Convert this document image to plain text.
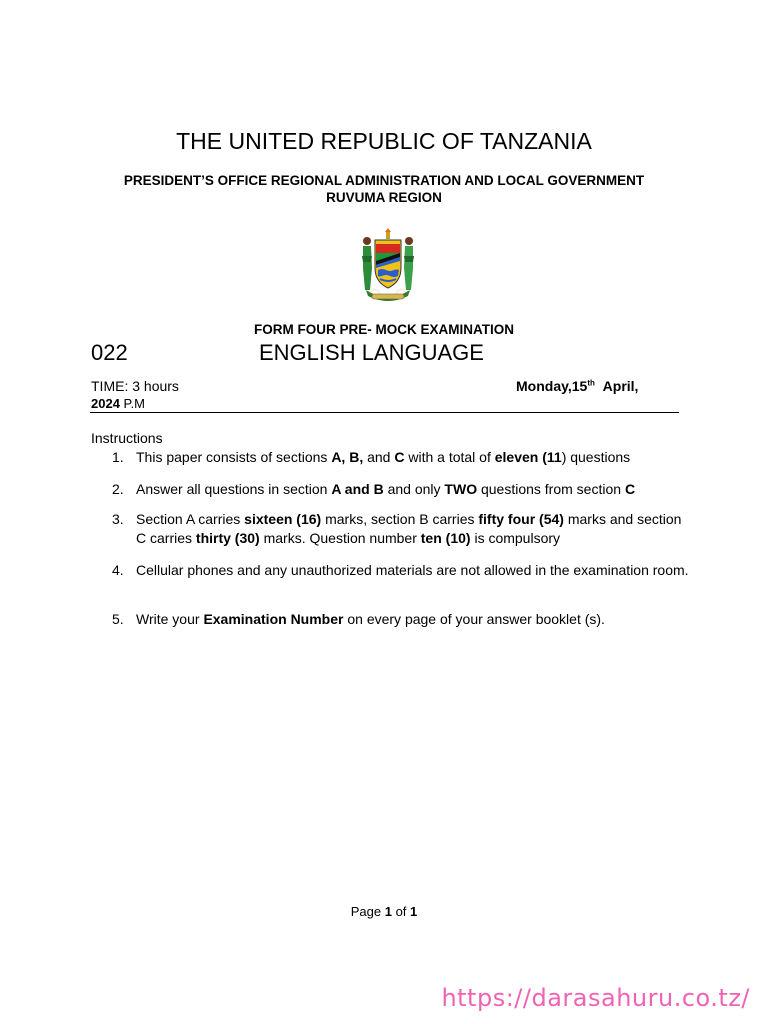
THE UNITED REPUBLIC OF TANZANIA
PRESIDENT’S OFFICE REGIONAL ADMINISTRATION AND LOCAL GOVERNMENT
RUVUMA REGION
FORM FOUR PRE- MOCK EXAMINATION
022	ENGLISH LANGUAGE
TIME: 3 hours	Monday,15th April,
2024 P.M
Instructions
1. This paper consists of sections A, B, and C with a total of eleven (11) questions
2. Answer all questions in section A and B and only TWO questions from section C
3. Section A carries sixteen (16) marks, section B carries fifty four (54) marks and section C carries thirty (30) marks. Question number ten (10) is compulsory
4. Cellular phones and any unauthorized materials are not allowed in the examination room.
5. Write your Examination Number on every page of your answer booklet (s).
Page 1 of 1
https://darasahuru.co.tz/
